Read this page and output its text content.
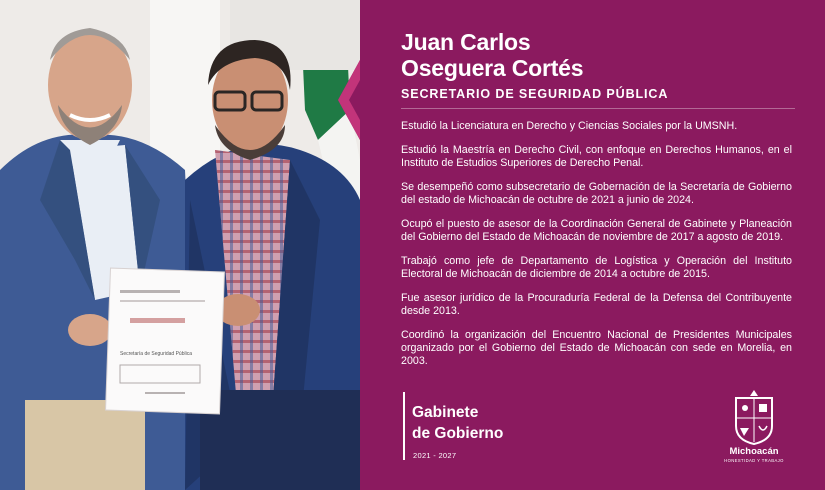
Secretaría de Seguridad Pública
Juan Carlos
Oseguera Cortés
SECRETARIO DE SEGURIDAD PÚBLICA

Estudió la Licenciatura en Derecho y Ciencias Sociales por la UMSNH.

Estudió la Maestría en Derecho Civil, con enfoque en Derechos Humanos, en el Instituto de Estudios Superiores de Derecho Penal.

Se desempeñó como subsecretario de Gobernación de la Secretaría de Gobierno del estado de Michoacán de octubre de 2021 a junio de 2024.

Ocupó el puesto de asesor de la Coordinación General de Gabinete y Planeación del Gobierno del Estado de Michoacán de noviembre de 2017 a agosto de 2019.

Trabajó como jefe de Departamento de Logística y Operación del Instituto Electoral de Michoacán de diciembre de 2014 a octubre de 2015.

Fue asesor jurídico de la Procuraduría Federal de la Defensa del Contribuyente desde 2013.

Coordinó la organización del Encuentro Nacional de Presidentes Municipales organizado por el Gobierno del Estado de Michoacán con sede en Morelia, en 2003.

Gabinete
de Gobierno
2021 - 2027	Michoacán
HONESTIDAD Y TRABAJO
